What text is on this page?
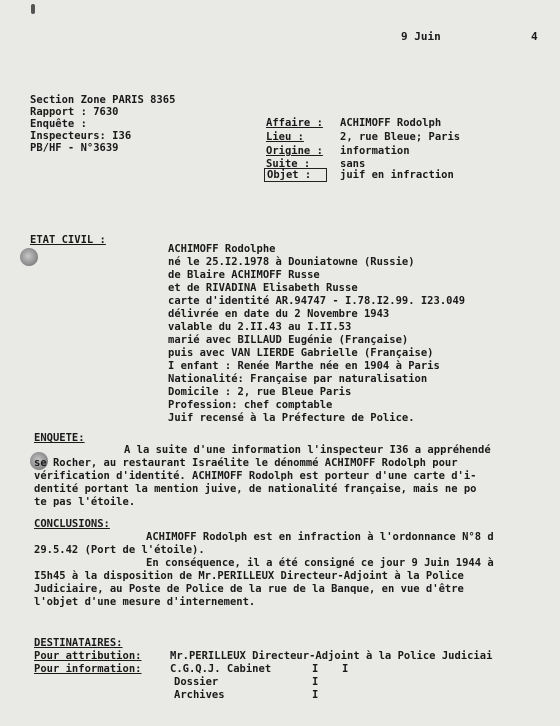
9 Juin	4
Section Zone PARIS 8365
Rapport : 7630
Enquête :
Inspecteurs: I36
PB/HF - N°3639
Affaire : ACHIMOFF Rodolph
Lieu :	2, rue Bleue; Paris
Origine : information
Suite :	sans
Objet :	juif en infraction
ETAT CIVIL :
ACHIMOFF Rodolphe
né le 25.I2.1978 à Douniatowne (Russie)
de Blaire ACHIMOFF Russe
et de RIVADINA Elisabeth Russe
carte d'identité AR.94747 - I.78.I2.99. I23.049
délivrée en date du 2 Novembre 1943
valable du 2.II.43 au I.II.53
marié avec BILLAUD Eugénie (Française)
puis avec VAN LIERDE Gabrielle (Française)
I enfant : Renée Marthe née en 1904 à Paris
Nationalité: Française par naturalisation
Domicile : 2, rue Bleue Paris
Profession: chef comptable
Juif recensé à la Préfecture de Police.
ENQUETE:
A la suite d'une information l'inspecteur I36 a appréhendé
se Rocher, au restaurant Israélite le dénommé ACHIMOFF Rodolph pour
vérification d'identité. ACHIMOFF Rodolph est porteur d'une carte d'i-
dentité portant la mention juive, de nationalité française, mais ne po
te pas l'étoile.
CONCLUSIONS:
ACHIMOFF Rodolph est en infraction à l'ordonnance N°8 d
29.5.42 (Port de l'étoile).
En conséquence, il a été consigné ce jour 9 Juin 1944 à
I5h45 à la disposition de Mr.PERILLEUX Directeur-Adjoint à la Police
Judiciaire, au Poste de Police de la rue de la Banque, en vue d'être
l'objet d'une mesure d'internement.
DESTINATAIRES:
Pour attribution:	Mr.PERILLEUX Directeur-Adjoint à la Police Judiciai
Pour information:	C.G.Q.J. Cabinet	I I
Dossier	I
Archives	I
